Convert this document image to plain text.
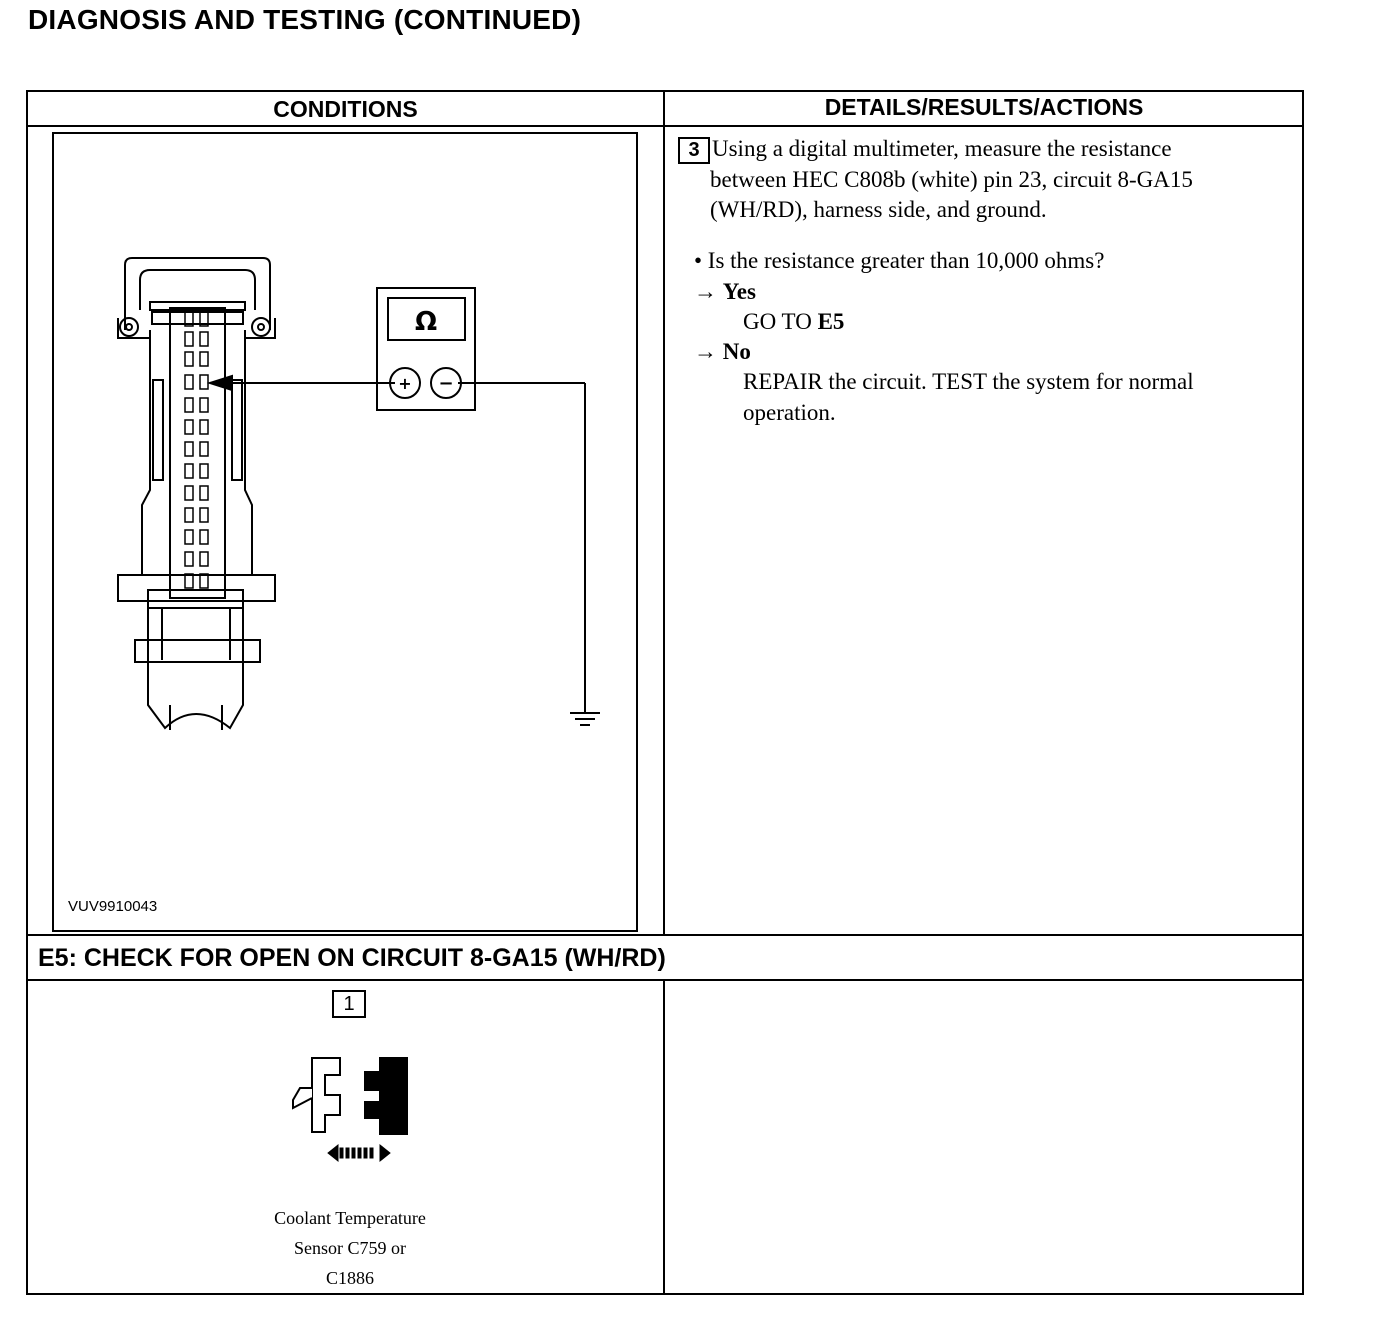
DIAGNOSIS AND TESTING (CONTINUED)
CONDITIONS	DETAILS/RESULTS/ACTIONS
Ω
+ −
VUV9910043
3 Using a digital multimeter, measure the resistance
between HEC C808b (white) pin 23, circuit 8-GA15
(WH/RD), harness side, and ground.
• Is the resistance greater than 10,000 ohms?
→ Yes
GO TO E5
→ No
REPAIR the circuit. TEST the system for normal
operation.
E5: CHECK FOR OPEN ON CIRCUIT 8-GA15 (WH/RD)
1
Coolant Temperature
Sensor C759 or
C1886
